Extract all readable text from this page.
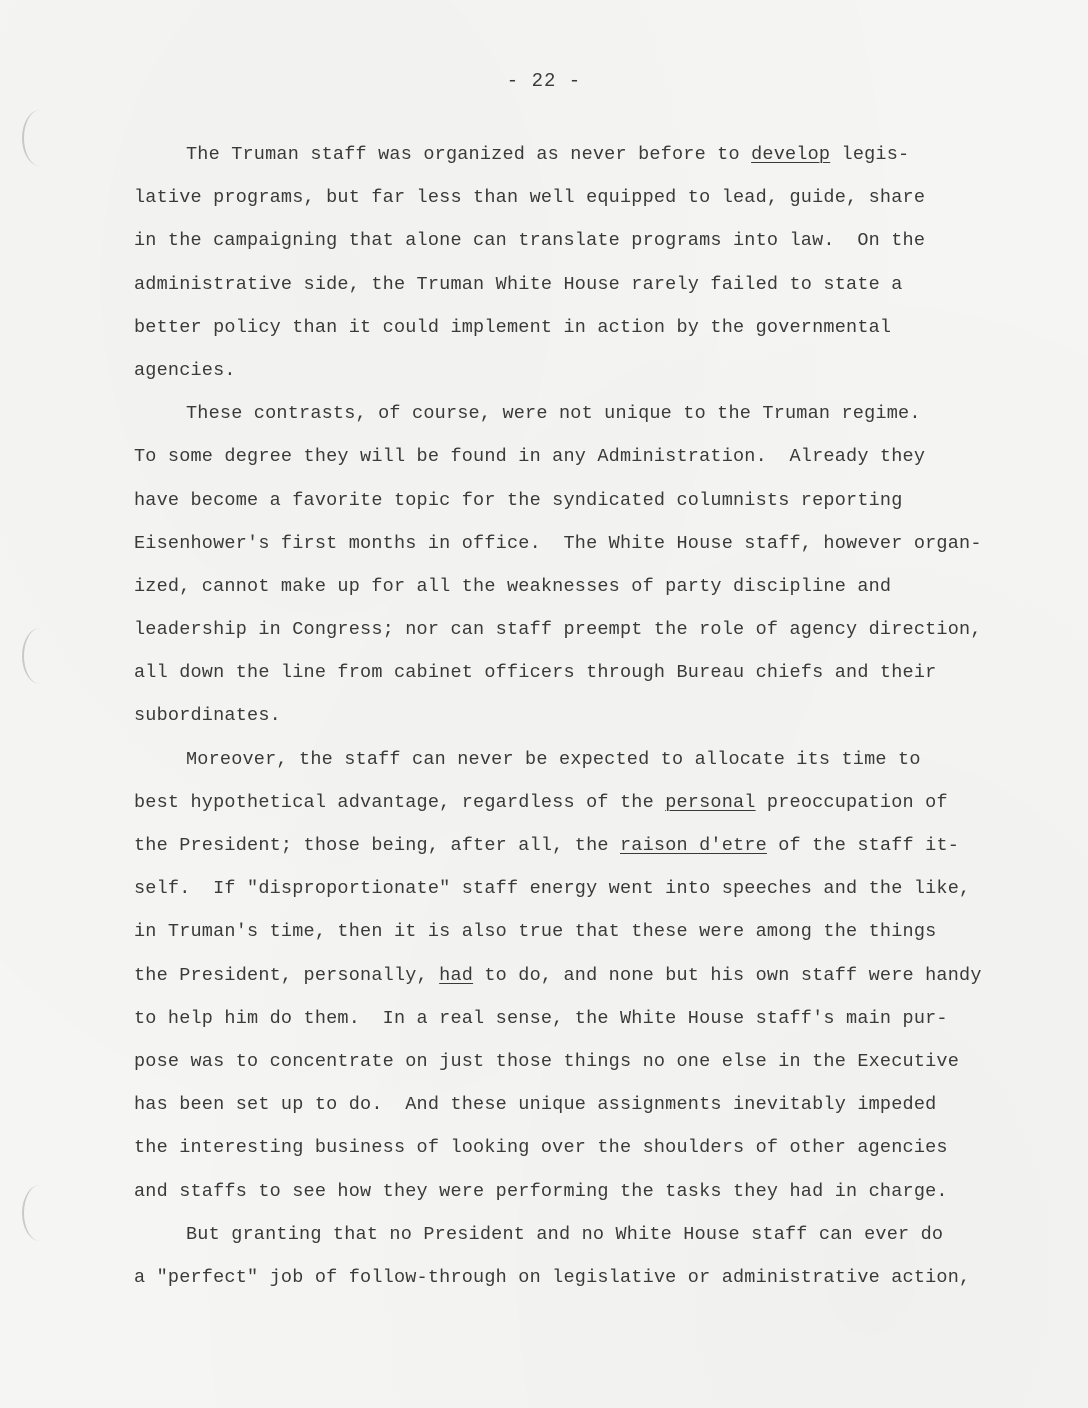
- 22 -
The Truman staff was organized as never before to develop legis-
lative programs, but far less than well equipped to lead, guide, share
in the campaigning that alone can translate programs into law.  On the
administrative side, the Truman White House rarely failed to state a
better policy than it could implement in action by the governmental
agencies.
These contrasts, of course, were not unique to the Truman regime.
To some degree they will be found in any Administration.  Already they
have become a favorite topic for the syndicated columnists reporting
Eisenhower's first months in office.  The White House staff, however organ-
ized, cannot make up for all the weaknesses of party discipline and
leadership in Congress; nor can staff preempt the role of agency direction,
all down the line from cabinet officers through Bureau chiefs and their
subordinates.
Moreover, the staff can never be expected to allocate its time to
best hypothetical advantage, regardless of the personal preoccupation of
the President; those being, after all, the raison d'etre of the staff it-
self.  If "disproportionate" staff energy went into speeches and the like,
in Truman's time, then it is also true that these were among the things
the President, personally, had to do, and none but his own staff were handy
to help him do them.  In a real sense, the White House staff's main pur-
pose was to concentrate on just those things no one else in the Executive
has been set up to do.  And these unique assignments inevitably impeded
the interesting business of looking over the shoulders of other agencies
and staffs to see how they were performing the tasks they had in charge.
But granting that no President and no White House staff can ever do
a "perfect" job of follow-through on legislative or administrative action,
